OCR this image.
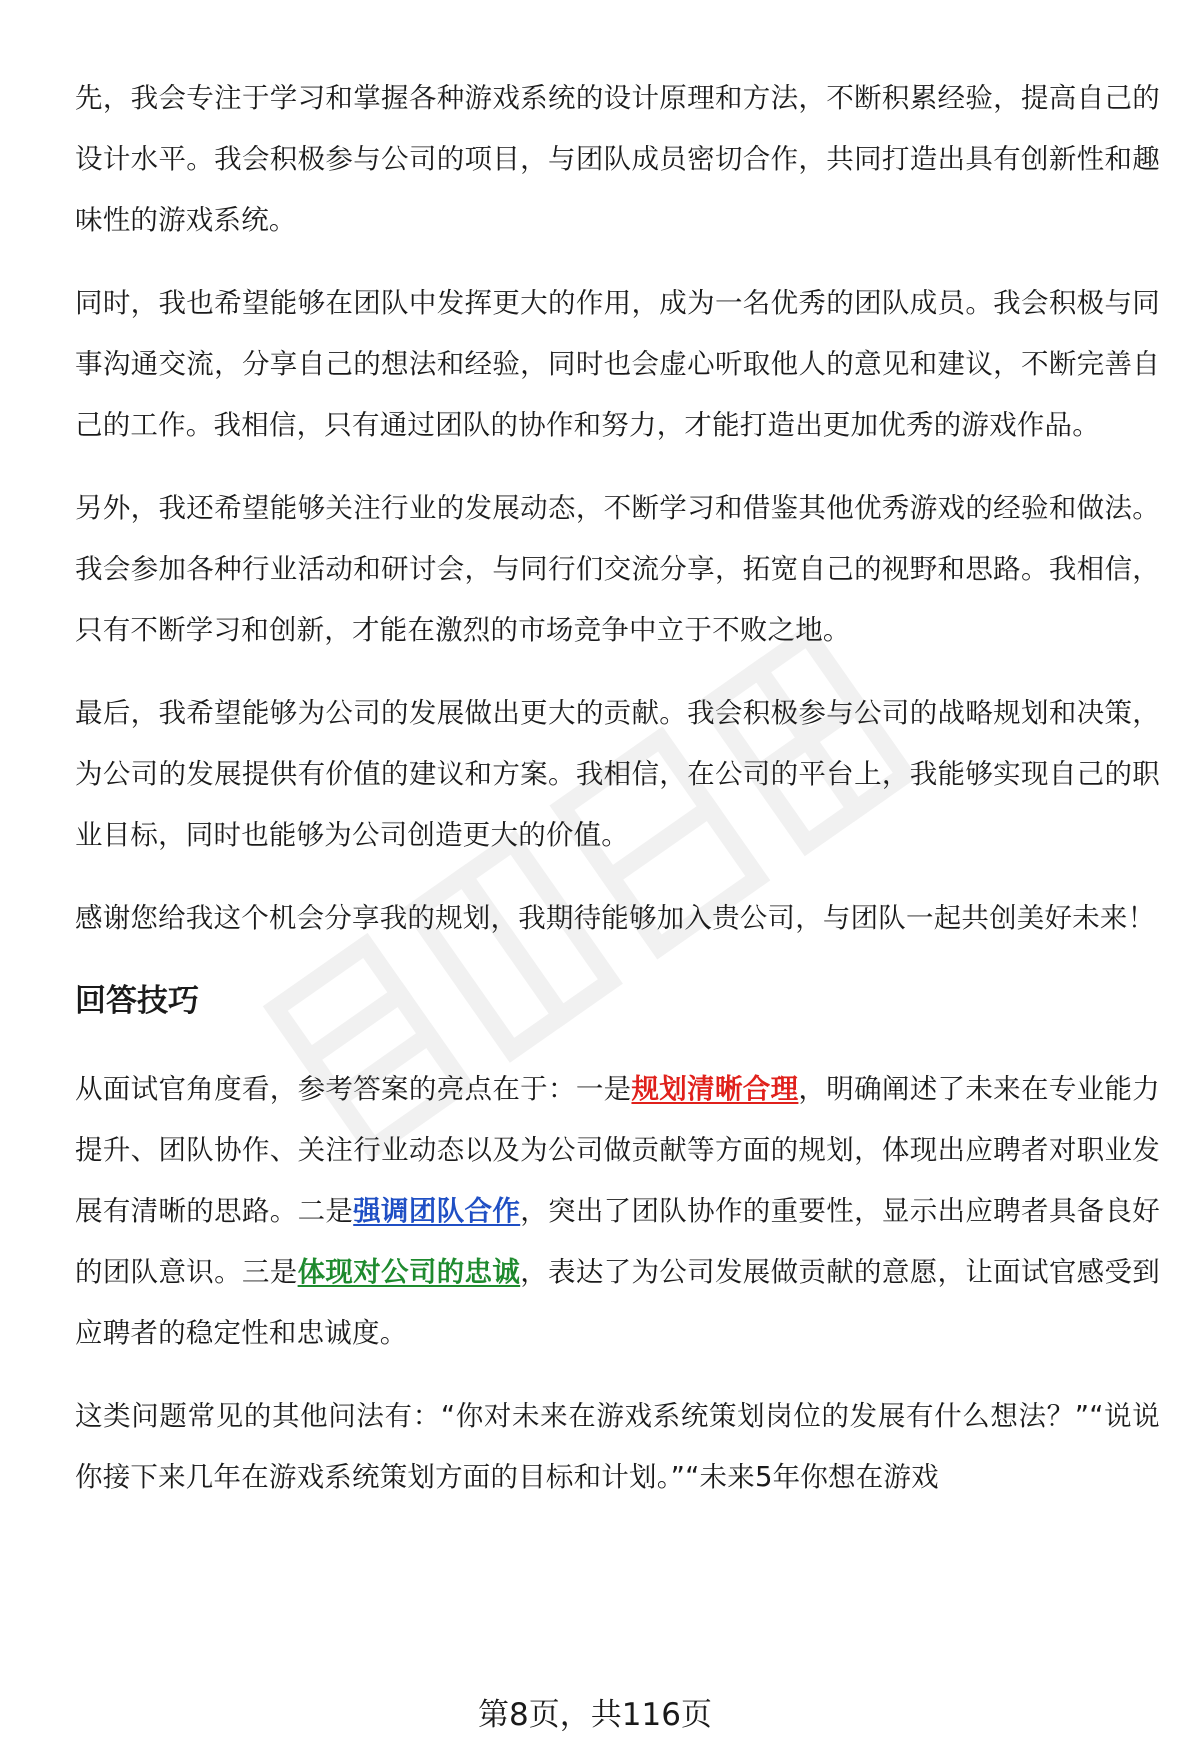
先，我会专注于学习和掌握各种游戏系统的设计原理和方法，不断积累经验，提高自己的设计水平。我会积极参与公司的项目，与团队成员密切合作，共同打造出具有创新性和趣味性的游戏系统。

同时，我也希望能够在团队中发挥更大的作用，成为一名优秀的团队成员。我会积极与同事沟通交流，分享自己的想法和经验，同时也会虚心听取他人的意见和建议，不断完善自己的工作。我相信，只有通过团队的协作和努力，才能打造出更加优秀的游戏作品。

另外，我还希望能够关注行业的发展动态，不断学习和借鉴其他优秀游戏的经验和做法。我会参加各种行业活动和研讨会，与同行们交流分享，拓宽自己的视野和思路。我相信，只有不断学习和创新，才能在激烈的市场竞争中立于不败之地。

最后，我希望能够为公司的发展做出更大的贡献。我会积极参与公司的战略规划和决策，为公司的发展提供有价值的建议和方案。我相信，在公司的平台上，我能够实现自己的职业目标，同时也能够为公司创造更大的价值。

感谢您给我这个机会分享我的规划，我期待能够加入贵公司，与团队一起共创美好未来！

回答技巧

从面试官角度看，参考答案的亮点在于：一是规划清晰合理，明确阐述了未来在专业能力提升、团队协作、关注行业动态以及为公司做贡献等方面的规划，体现出应聘者对职业发展有清晰的思路。二是强调团队合作，突出了团队协作的重要性，显示出应聘者具备良好的团队意识。三是体现对公司的忠诚，表达了为公司发展做贡献的意愿，让面试官感受到应聘者的稳定性和忠诚度。

这类问题常见的其他问法有：“你对未来在游戏系统策划岗位的发展有什么想法？”“说说你接下来几年在游戏系统策划方面的目标和计划。”“未来5年你想在游戏

第8页，共116页
